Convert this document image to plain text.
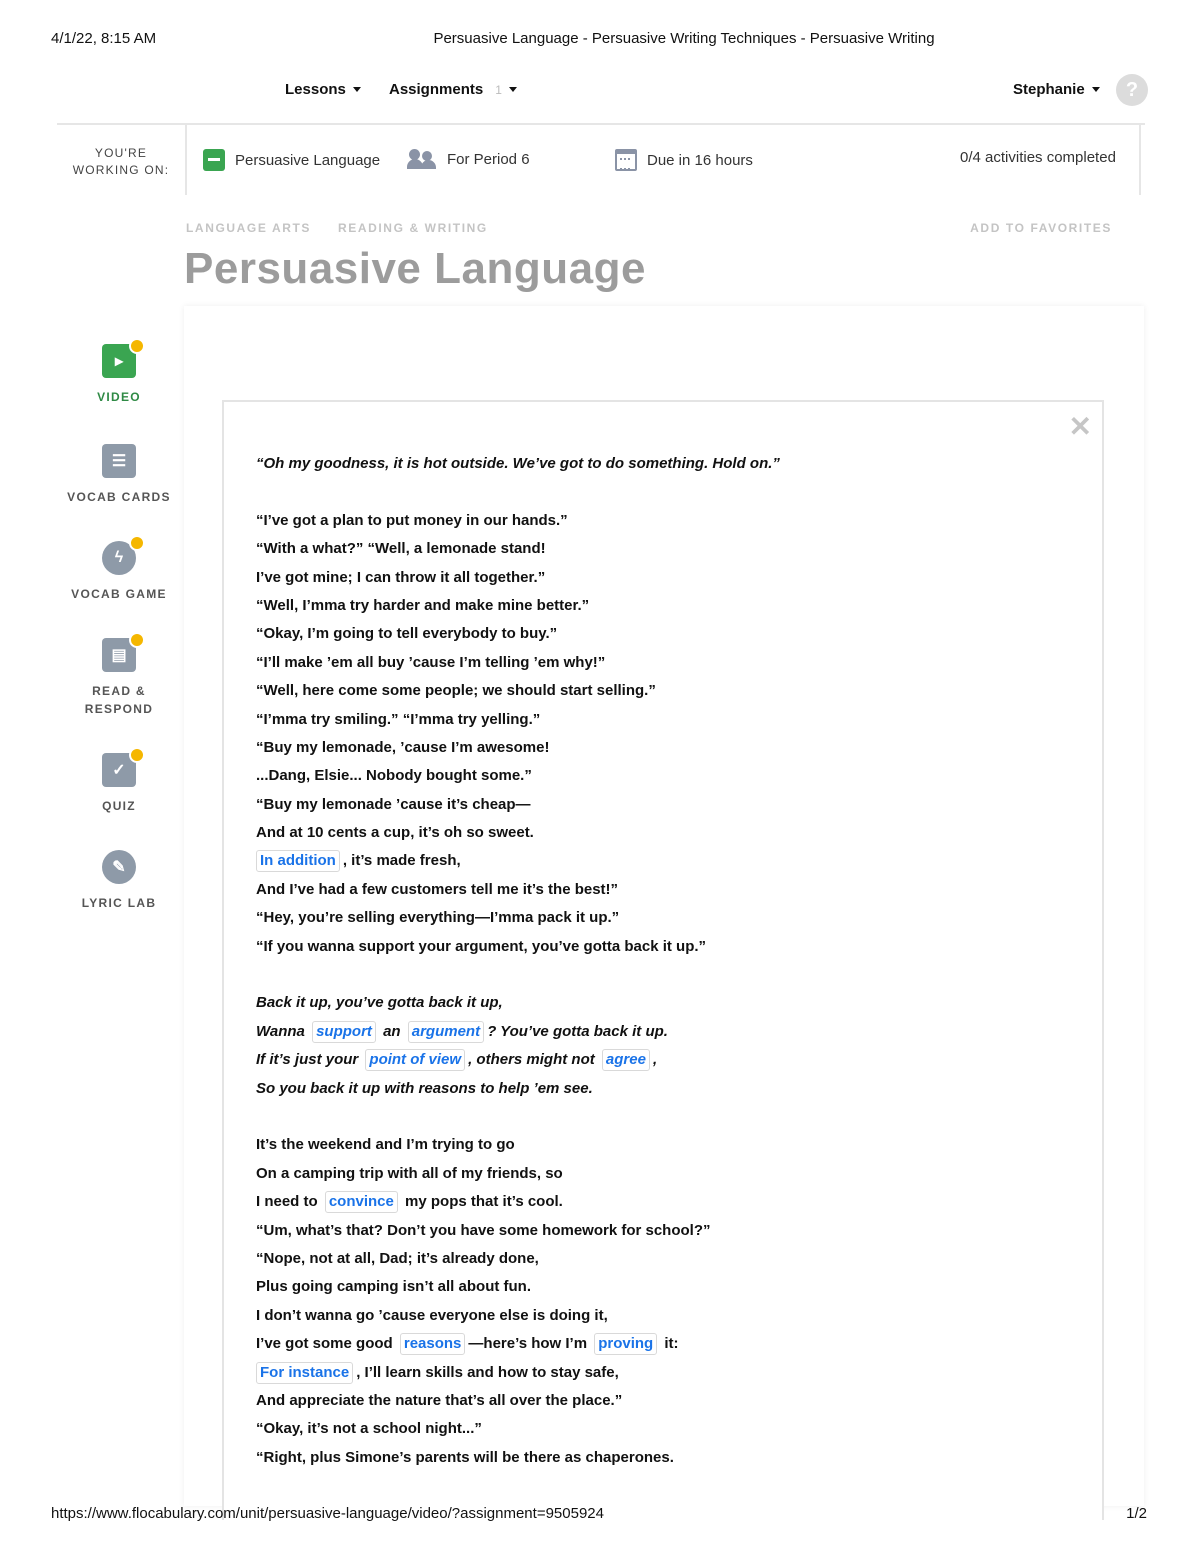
4/1/22, 8:15 AM	Persuasive Language - Persuasive Writing Techniques - Persuasive Writing
Lessons	Assignments 1	Stephanie ?
YOU'RE
WORKING ON:
Persuasive Language	For Period 6	Due in 16 hours	0/4 activities completed
LANGUAGE ARTS READING & WRITING	ADD TO FAVORITES
Persuasive Language
▸
VIDEO
☰
VOCAB CARDS
ϟ
VOCAB GAME
▤
READ &
RESPOND
✓
QUIZ
✎
LYRIC LAB
✕
“Oh my goodness, it is hot outside. We’ve got to do something. Hold on.”
“I’ve got a plan to put money in our hands.”
“With a what?” “Well, a lemonade stand!
I’ve got mine; I can throw it all together.”
“Well, I’mma try harder and make mine better.”
“Okay, I’m going to tell everybody to buy.”
“I’ll make ’em all buy ’cause I’m telling ’em why!”
“Well, here come some people; we should start selling.”
“I’mma try smiling.” “I’mma try yelling.”
“Buy my lemonade, ’cause I’m awesome!
...Dang, Elsie... Nobody bought some.”
“Buy my lemonade ’cause it’s cheap—
And at 10 cents a cup, it’s oh so sweet.
In addition , it’s made fresh,
And I’ve had a few customers tell me it’s the best!”
“Hey, you’re selling everything—I’mma pack it up.”
“If you wanna support your argument, you’ve gotta back it up.”
Back it up, you’ve gotta back it up,
Wanna support an argument ? You’ve gotta back it up.
If it’s just your point of view , others might not agree ,
So you back it up with reasons to help ’em see.
It’s the weekend and I’m trying to go
On a camping trip with all of my friends, so
I need to convince my pops that it’s cool.
“Um, what’s that? Don’t you have some homework for school?”
“Nope, not at all, Dad; it’s already done,
Plus going camping isn’t all about fun.
I don’t wanna go ’cause everyone else is doing it,
I’ve got some good reasons —here’s how I’m proving it:
For instance , I’ll learn skills and how to stay safe,
And appreciate the nature that’s all over the place.”
“Okay, it’s not a school night...”
“Right, plus Simone’s parents will be there as chaperones.
https://www.flocabulary.com/unit/persuasive-language/video/?assignment=9505924	1/2
